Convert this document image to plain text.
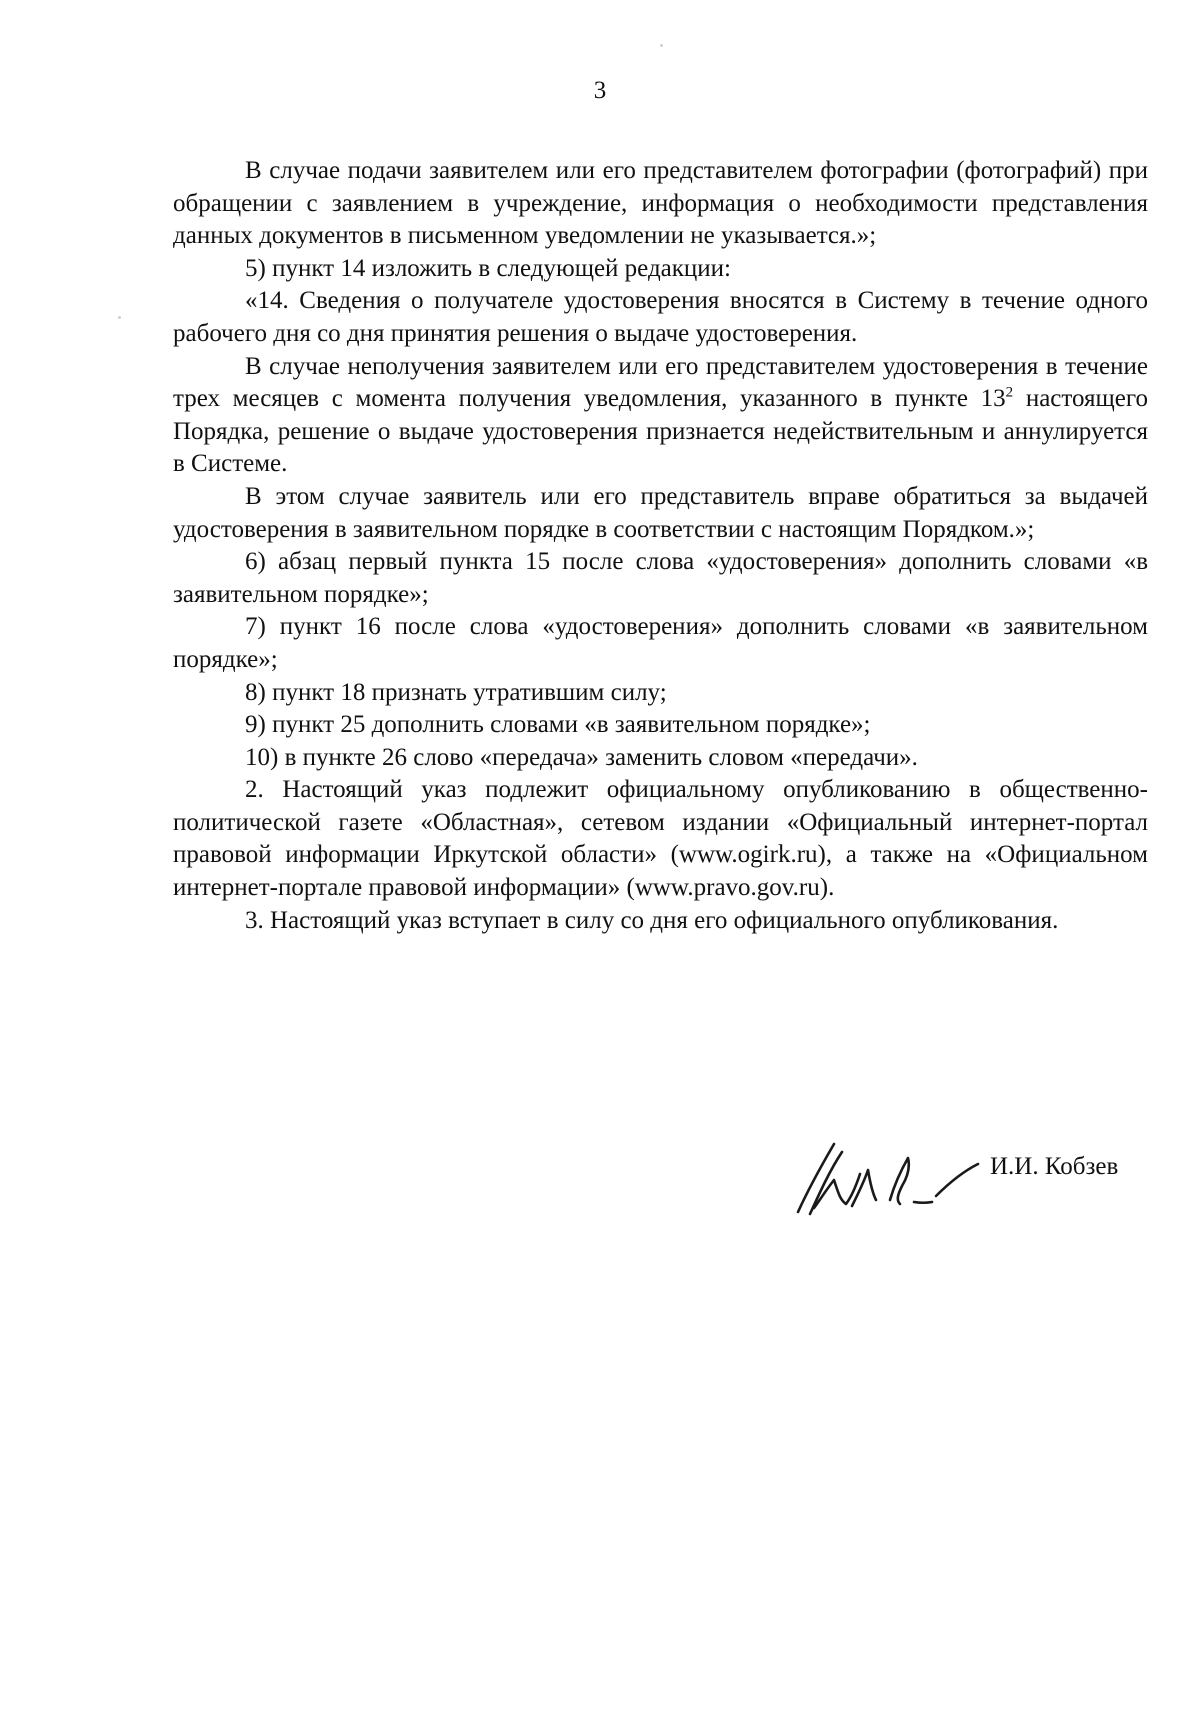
3

В случае подачи заявителем или его представителем фотографии (фотографий) при обращении с заявлением в учреждение, информация о необходимости представления данных документов в письменном уведомлении не указывается.»;

5) пункт 14 изложить в следующей редакции:

«14. Сведения о получателе удостоверения вносятся в Систему в течение одного рабочего дня со дня принятия решения о выдаче удостоверения.

В случае неполучения заявителем или его представителем удостоверения в течение трех месяцев с момента получения уведомления, указанного в пункте $13^2$ настоящего Порядка, решение о выдаче удостоверения признается недействительным и аннулируется в Системе.

В этом случае заявитель или его представитель вправе обратиться за выдачей удостоверения в заявительном порядке в соответствии с настоящим Порядком.»;

6) абзац первый пункта 15 после слова «удостоверения» дополнить словами «в заявительном порядке»;

7) пункт 16 после слова «удостоверения» дополнить словами «в заявительном порядке»;

8) пункт 18 признать утратившим силу;

9) пункт 25 дополнить словами «в заявительном порядке»;

10) в пункте 26 слово «передача» заменить словом «передачи».

2. Настоящий указ подлежит официальному опубликованию в общественно-политической газете «Областная», сетевом издании «Официальный интернет-портал правовой информации Иркутской области» (www.ogirk.ru), а также на «Официальном интернет-портале правовой информации» (www.pravo.gov.ru).

3. Настоящий указ вступает в силу со дня его официального опубликования.

И.И. Кобзев
